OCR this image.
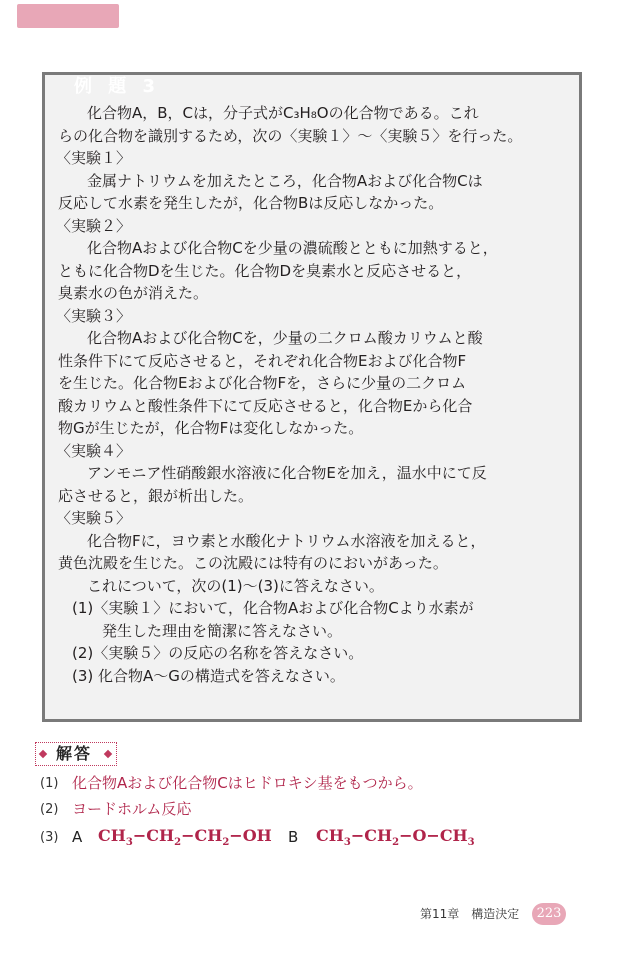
例 題 3
　化合物A，B，Cは，分子式がC₃H₈Oの化合物である。これ
らの化合物を識別するため，次の〈実験１〉～〈実験５〉を行った。
〈実験１〉
　金属ナトリウムを加えたところ，化合物Aおよび化合物Cは
反応して水素を発生したが，化合物Bは反応しなかった。
〈実験２〉
　化合物Aおよび化合物Cを少量の濃硫酸とともに加熱すると，
ともに化合物Dを生じた。化合物Dを臭素水と反応させると，
臭素水の色が消えた。
〈実験３〉
　化合物Aおよび化合物Cを，少量の二クロム酸カリウムと酸
性条件下にて反応させると，それぞれ化合物Eおよび化合物F
を生じた。化合物Eおよび化合物Fを，さらに少量の二クロム
酸カリウムと酸性条件下にて反応させると，化合物Eから化合
物Gが生じたが，化合物Fは変化しなかった。
〈実験４〉
　アンモニア性硝酸銀水溶液に化合物Eを加え，温水中にて反
応させると，銀が析出した。
〈実験５〉
　化合物Fに，ヨウ素と水酸化ナトリウム水溶液を加えると，
黄色沈殿を生じた。この沈殿には特有のにおいがあった。
　これについて，次の(1)～(3)に答えなさい。
(1)〈実験１〉において，化合物Aおよび化合物Cより水素が
　　発生した理由を簡潔に答えなさい。
(2)〈実験５〉の反応の名称を答えなさい。
(3) 化合物A～Gの構造式を答えなさい。
解答
(1) 化合物Aおよび化合物Cはヒドロキシ基をもつから。
(2) ヨードホルム反応
(3) A $CH_3-CH_2-CH_2-OH$ B $CH_3-CH_2-O-CH_3$
第11章　構造決定	223
